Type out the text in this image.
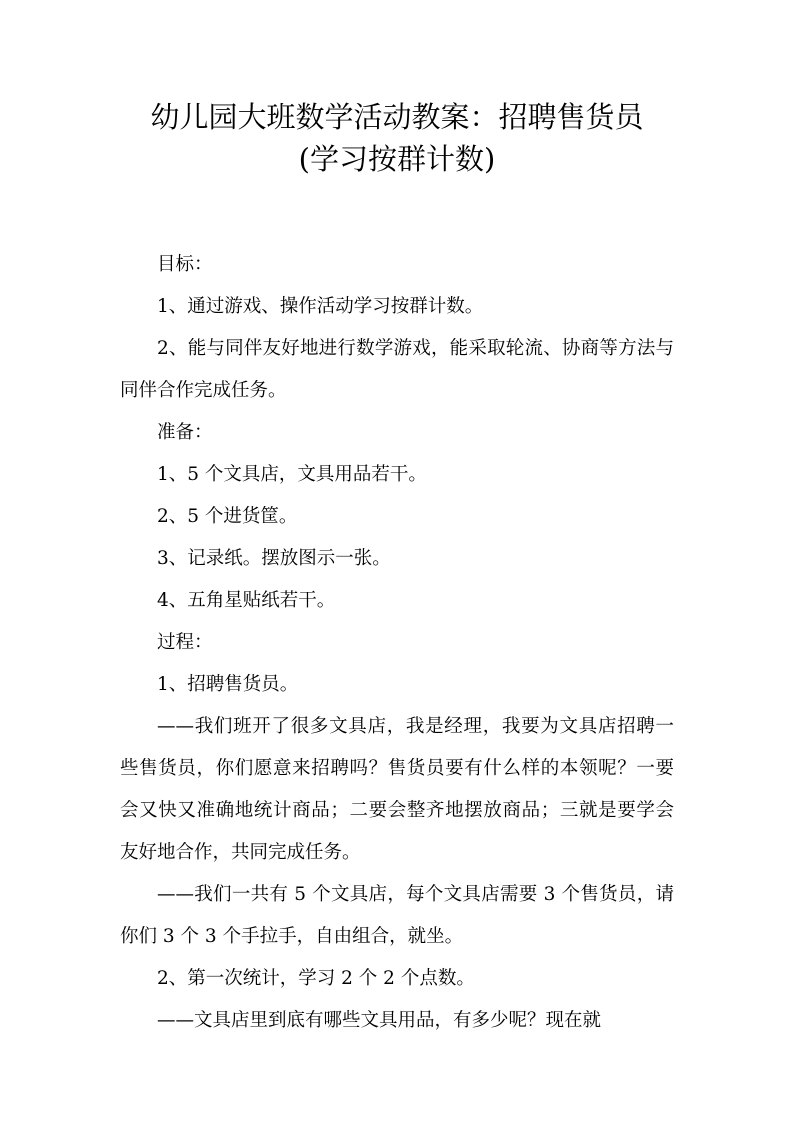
幼儿园大班数学活动教案：招聘售货员
(学习按群计数)

目标：

1、通过游戏、操作活动学习按群计数。

2、能与同伴友好地进行数学游戏，能采取轮流、协商等方法与同伴合作完成任务。

准备：

1、5 个文具店，文具用品若干。

2、5 个进货筐。

3、记录纸。摆放图示一张。

4、五角星贴纸若干。

过程：

1、招聘售货员。

——我们班开了很多文具店，我是经理，我要为文具店招聘一些售货员，你们愿意来招聘吗？售货员要有什么样的本领呢？一要会又快又准确地统计商品；二要会整齐地摆放商品；三就是要学会友好地合作，共同完成任务。

——我们一共有 5 个文具店，每个文具店需要 3 个售货员，请你们 3 个 3 个手拉手，自由组合，就坐。

2、第一次统计，学习 2 个 2 个点数。

——文具店里到底有哪些文具用品，有多少呢？现在就
